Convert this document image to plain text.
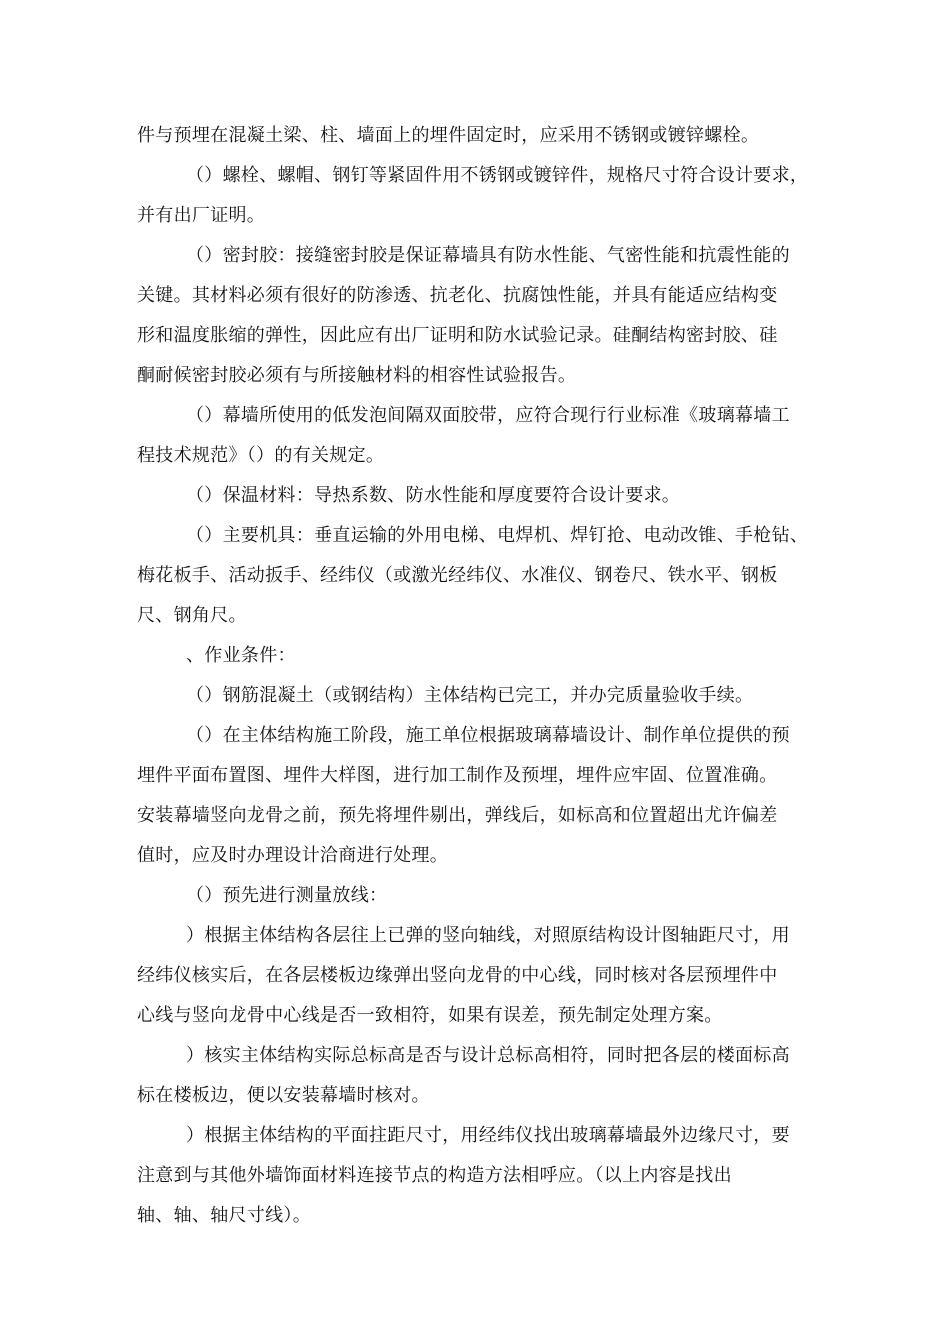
件与预埋在混凝土梁、柱、墙面上的埋件固定时，应采用不锈钢或镀锌螺栓。
（）螺栓、螺帽、钢钉等紧固件用不锈钢或镀锌件，规格尺寸符合设计要求，
并有出厂证明。
（）密封胶：接缝密封胶是保证幕墙具有防水性能、气密性能和抗震性能的
关键。其材料必须有很好的防渗透、抗老化、抗腐蚀性能，并具有能适应结构变
形和温度胀缩的弹性，因此应有出厂证明和防水试验记录。硅酮结构密封胶、硅
酮耐候密封胶必须有与所接触材料的相容性试验报告。
（）幕墙所使用的低发泡间隔双面胶带，应符合现行行业标准《玻璃幕墙工
程技术规范》（）的有关规定。
（）保温材料：导热系数、防水性能和厚度要符合设计要求。
（）主要机具：垂直运输的外用电梯、电焊机、焊钉抢、电动改锥、手枪钻、
梅花板手、活动扳手、经纬仪（或激光经纬仪、水准仪、钢卷尺、铁水平、钢板
尺、钢角尺。
、作业条件：
（）钢筋混凝土（或钢结构）主体结构已完工，并办完质量验收手续。
（）在主体结构施工阶段，施工单位根据玻璃幕墙设计、制作单位提供的预
埋件平面布置图、埋件大样图，进行加工制作及预埋，埋件应牢固、位置准确。
安装幕墙竖向龙骨之前，预先将埋件剔出，弹线后，如标高和位置超出尤许偏差
值时，应及时办理设计洽商进行处理。
（）预先进行测量放线：
）根据主体结构各层往上已弹的竖向轴线，对照原结构设计图轴距尺寸，用
经纬仪核实后，在各层楼板边缘弹出竖向龙骨的中心线，同时核对各层预埋件中
心线与竖向龙骨中心线是否一致相符，如果有误差，预先制定处理方案。
）核实主体结构实际总标高是否与设计总标高相符，同时把各层的楼面标高
标在楼板边，便以安装幕墙时核对。
）根据主体结构的平面拄距尺寸，用经纬仪找出玻璃幕墙最外边缘尺寸，要
注意到与其他外墙饰面材料连接节点的构造方法相呼应。（以上内容是找出
轴、轴、轴尺寸线）。
